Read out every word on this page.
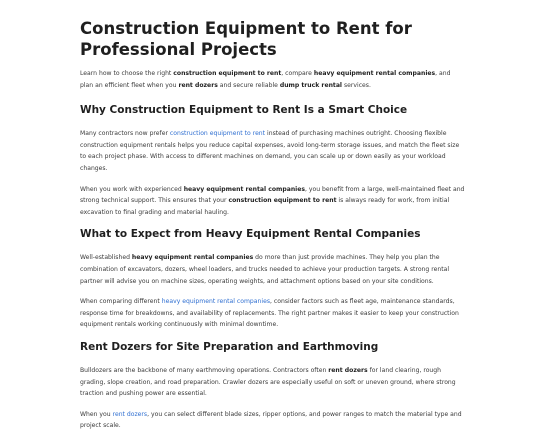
Construction Equipment to Rent for Professional Projects

Learn how to choose the right construction equipment to rent, compare heavy equipment rental companies, and plan an efficient fleet when you rent dozers and secure reliable dump truck rental services.

Why Construction Equipment to Rent Is a Smart Choice

Many contractors now prefer construction equipment to rent instead of purchasing machines outright. Choosing flexible construction equipment rentals helps you reduce capital expenses, avoid long-term storage issues, and match the fleet size to each project phase. With access to different machines on demand, you can scale up or down easily as your workload changes.

When you work with experienced heavy equipment rental companies, you benefit from a large, well-maintained fleet and strong technical support. This ensures that your construction equipment to rent is always ready for work, from initial excavation to final grading and material hauling.

What to Expect from Heavy Equipment Rental Companies

Well-established heavy equipment rental companies do more than just provide machines. They help you plan the combination of excavators, dozers, wheel loaders, and trucks needed to achieve your production targets. A strong rental partner will advise you on machine sizes, operating weights, and attachment options based on your site conditions.

When comparing different heavy equipment rental companies, consider factors such as fleet age, maintenance standards, response time for breakdowns, and availability of replacements. The right partner makes it easier to keep your construction equipment rentals working continuously with minimal downtime.

Rent Dozers for Site Preparation and Earthmoving

Bulldozers are the backbone of many earthmoving operations. Contractors often rent dozers for land clearing, rough grading, slope creation, and road preparation. Crawler dozers are especially useful on soft or uneven ground, where strong traction and pushing power are essential.

When you rent dozers, you can select different blade sizes, ripper options, and power ranges to match the material type and project scale.
